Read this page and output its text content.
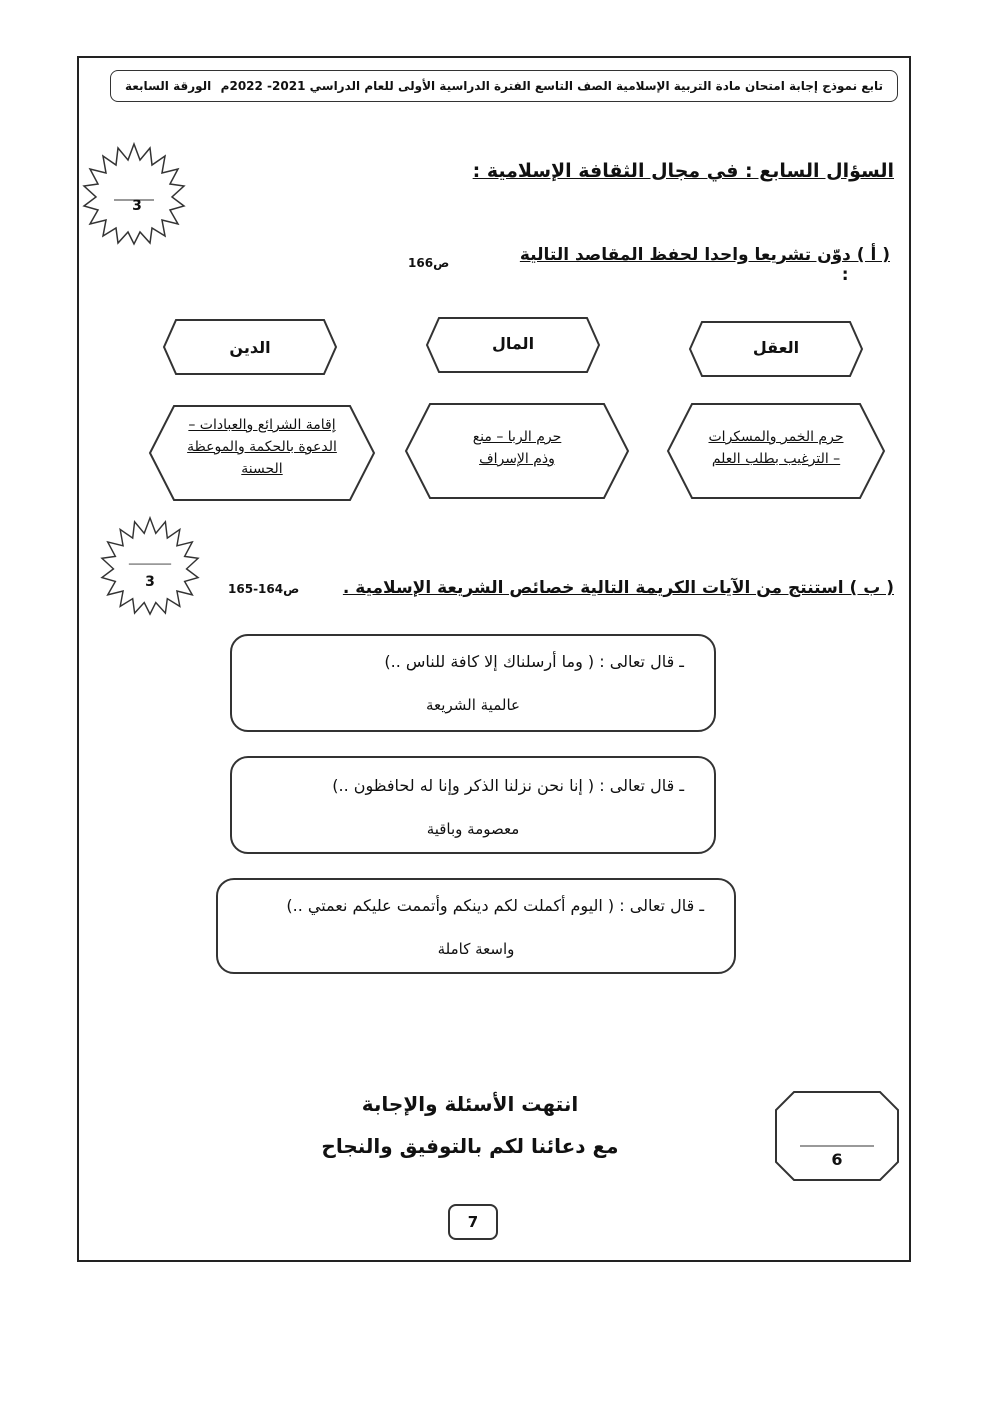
تابع نموذج إجابة امتحان مادة التربية الإسلامية الصف التاسع الفترة الدراسية الأولى للعام الدراسي 2021- 2022م
الورقة السابعة
3
السؤال السابع : في مجال الثقافة الإسلامية :
( أ ) دوّن تشريعا واحدا لحفظ المقاصد التالية        :
ص166
العقل
المال
الدين
حرم الخمر والمسكرات
– الترغيب بطلب العلم
حرم الربا – منع
وذم الإسراف
إقامة الشرائع والعبادات –
الدعوة بالحكمة والموعظة
الحسنة
3	( ب ) استنتج من الآيات الكريمة التالية خصائص الشريعة الإسلامية .
ص164-165
ـ قال تعالى : ( وما أرسلناك إلا كافة للناس ..)
عالمية الشريعة
ـ قال تعالى : ( إنا نحن نزلنا الذكر وإنا له لحافظون ..)
معصومة وباقية
ـ قال تعالى : ( اليوم أكملت لكم دينكم وأتممت عليكم نعمتي ..)
واسعة كاملة
انتهت الأسئلة والإجابة
مع دعائنا لكم بالتوفيق والنجاح
6
7
